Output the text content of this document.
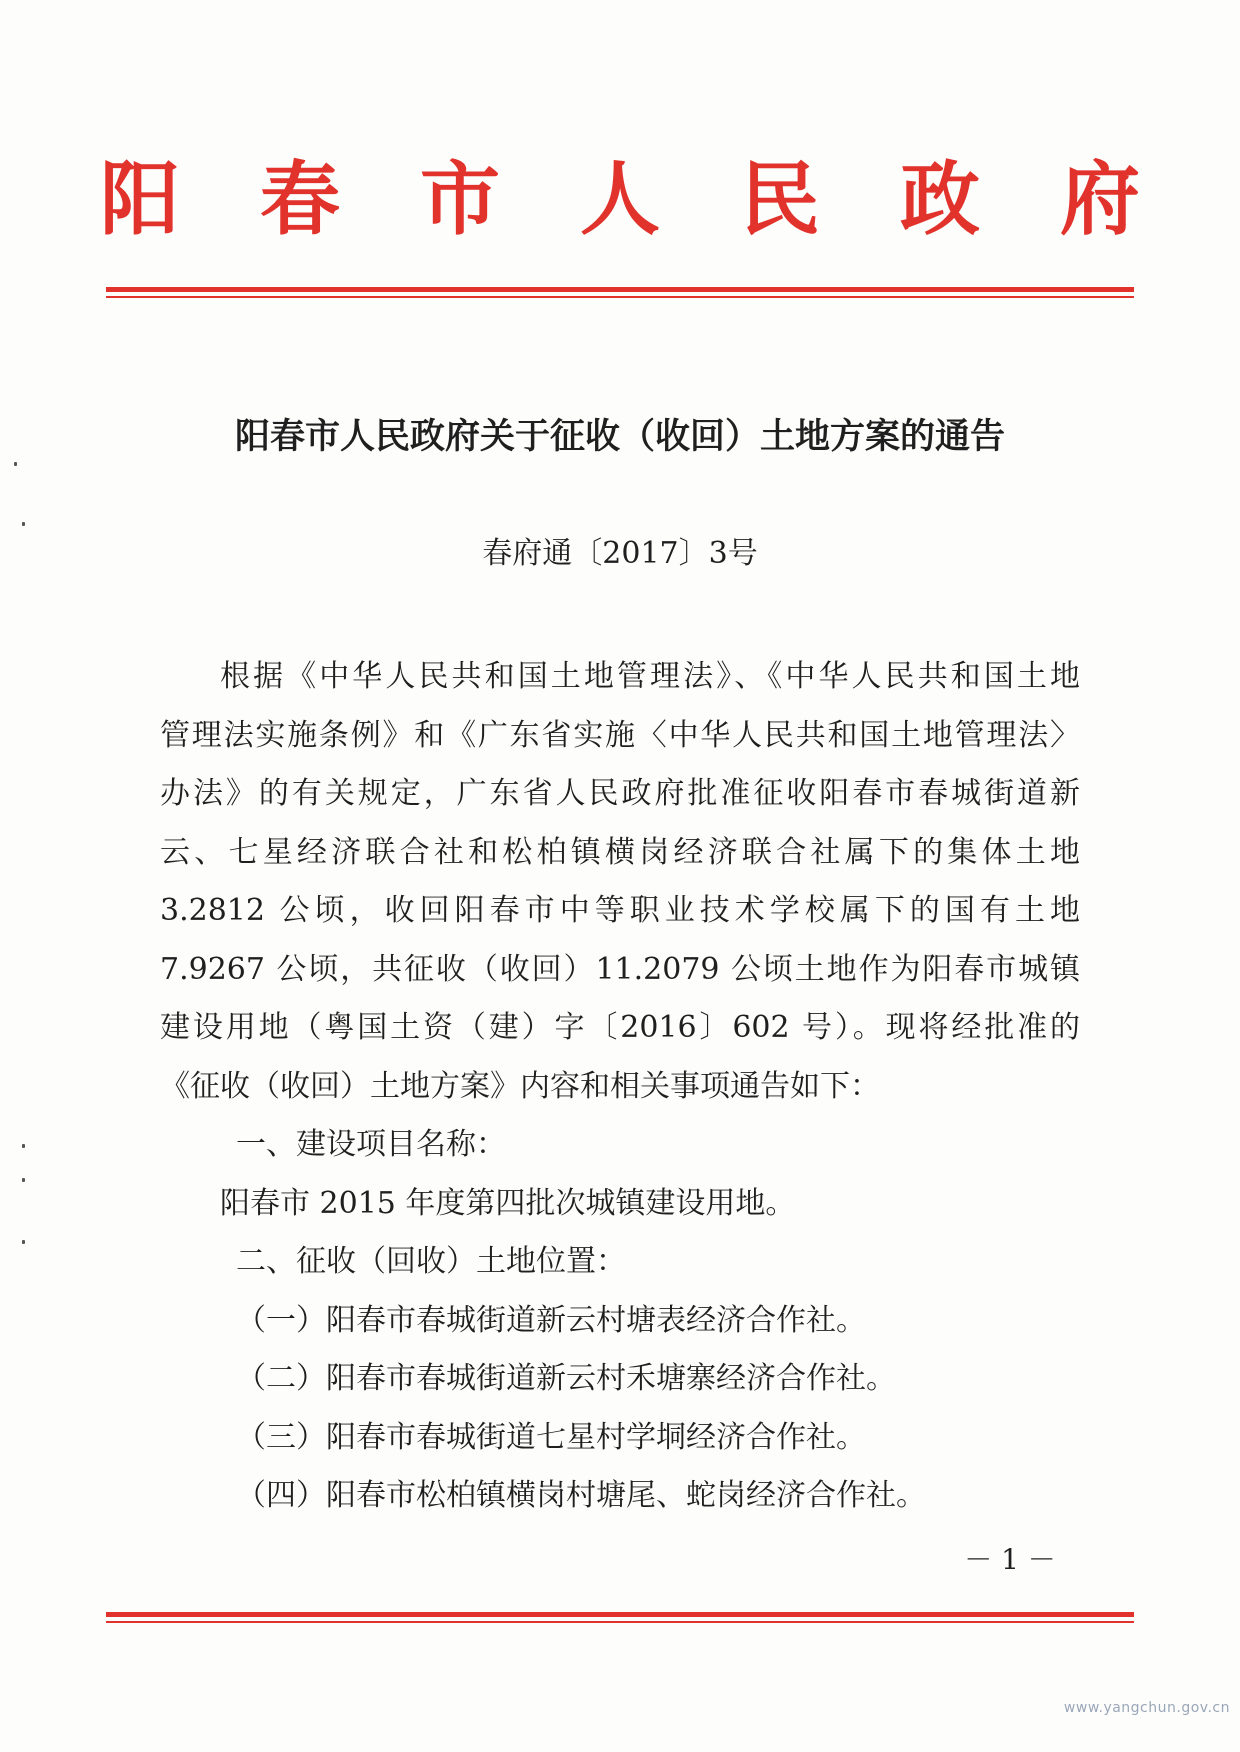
阳 春 市 人 民 政 府
阳春市人民政府关于征收（收回）土地方案的通告
春府通〔2017〕3号
根据《中华人民共和国土地管理法》、《中华人民共和国土地
管理法实施条例》和《广东省实施〈中华人民共和国土地管理法〉
办法》的有关规定，广东省人民政府批准征收阳春市春城街道新
云、七星经济联合社和松柏镇横岗经济联合社属下的集体土地
3.2812 公顷，收回阳春市中等职业技术学校属下的国有土地
7.9267 公顷，共征收（收回）11.2079 公顷土地作为阳春市城镇
建设用地（粤国土资（建）字〔2016〕602 号）。现将经批准的
《征收（收回）土地方案》内容和相关事项通告如下：
一、建设项目名称：
阳春市 2015 年度第四批次城镇建设用地。
二、征收（回收）土地位置：
（一）阳春市春城街道新云村塘表经济合作社。
（二）阳春市春城街道新云村禾塘寨经济合作社。
（三）阳春市春城街道七星村学垌经济合作社。
（四）阳春市松柏镇横岗村塘尾、蛇岗经济合作社。
－ 1 －
www.yangchun.gov.cn
